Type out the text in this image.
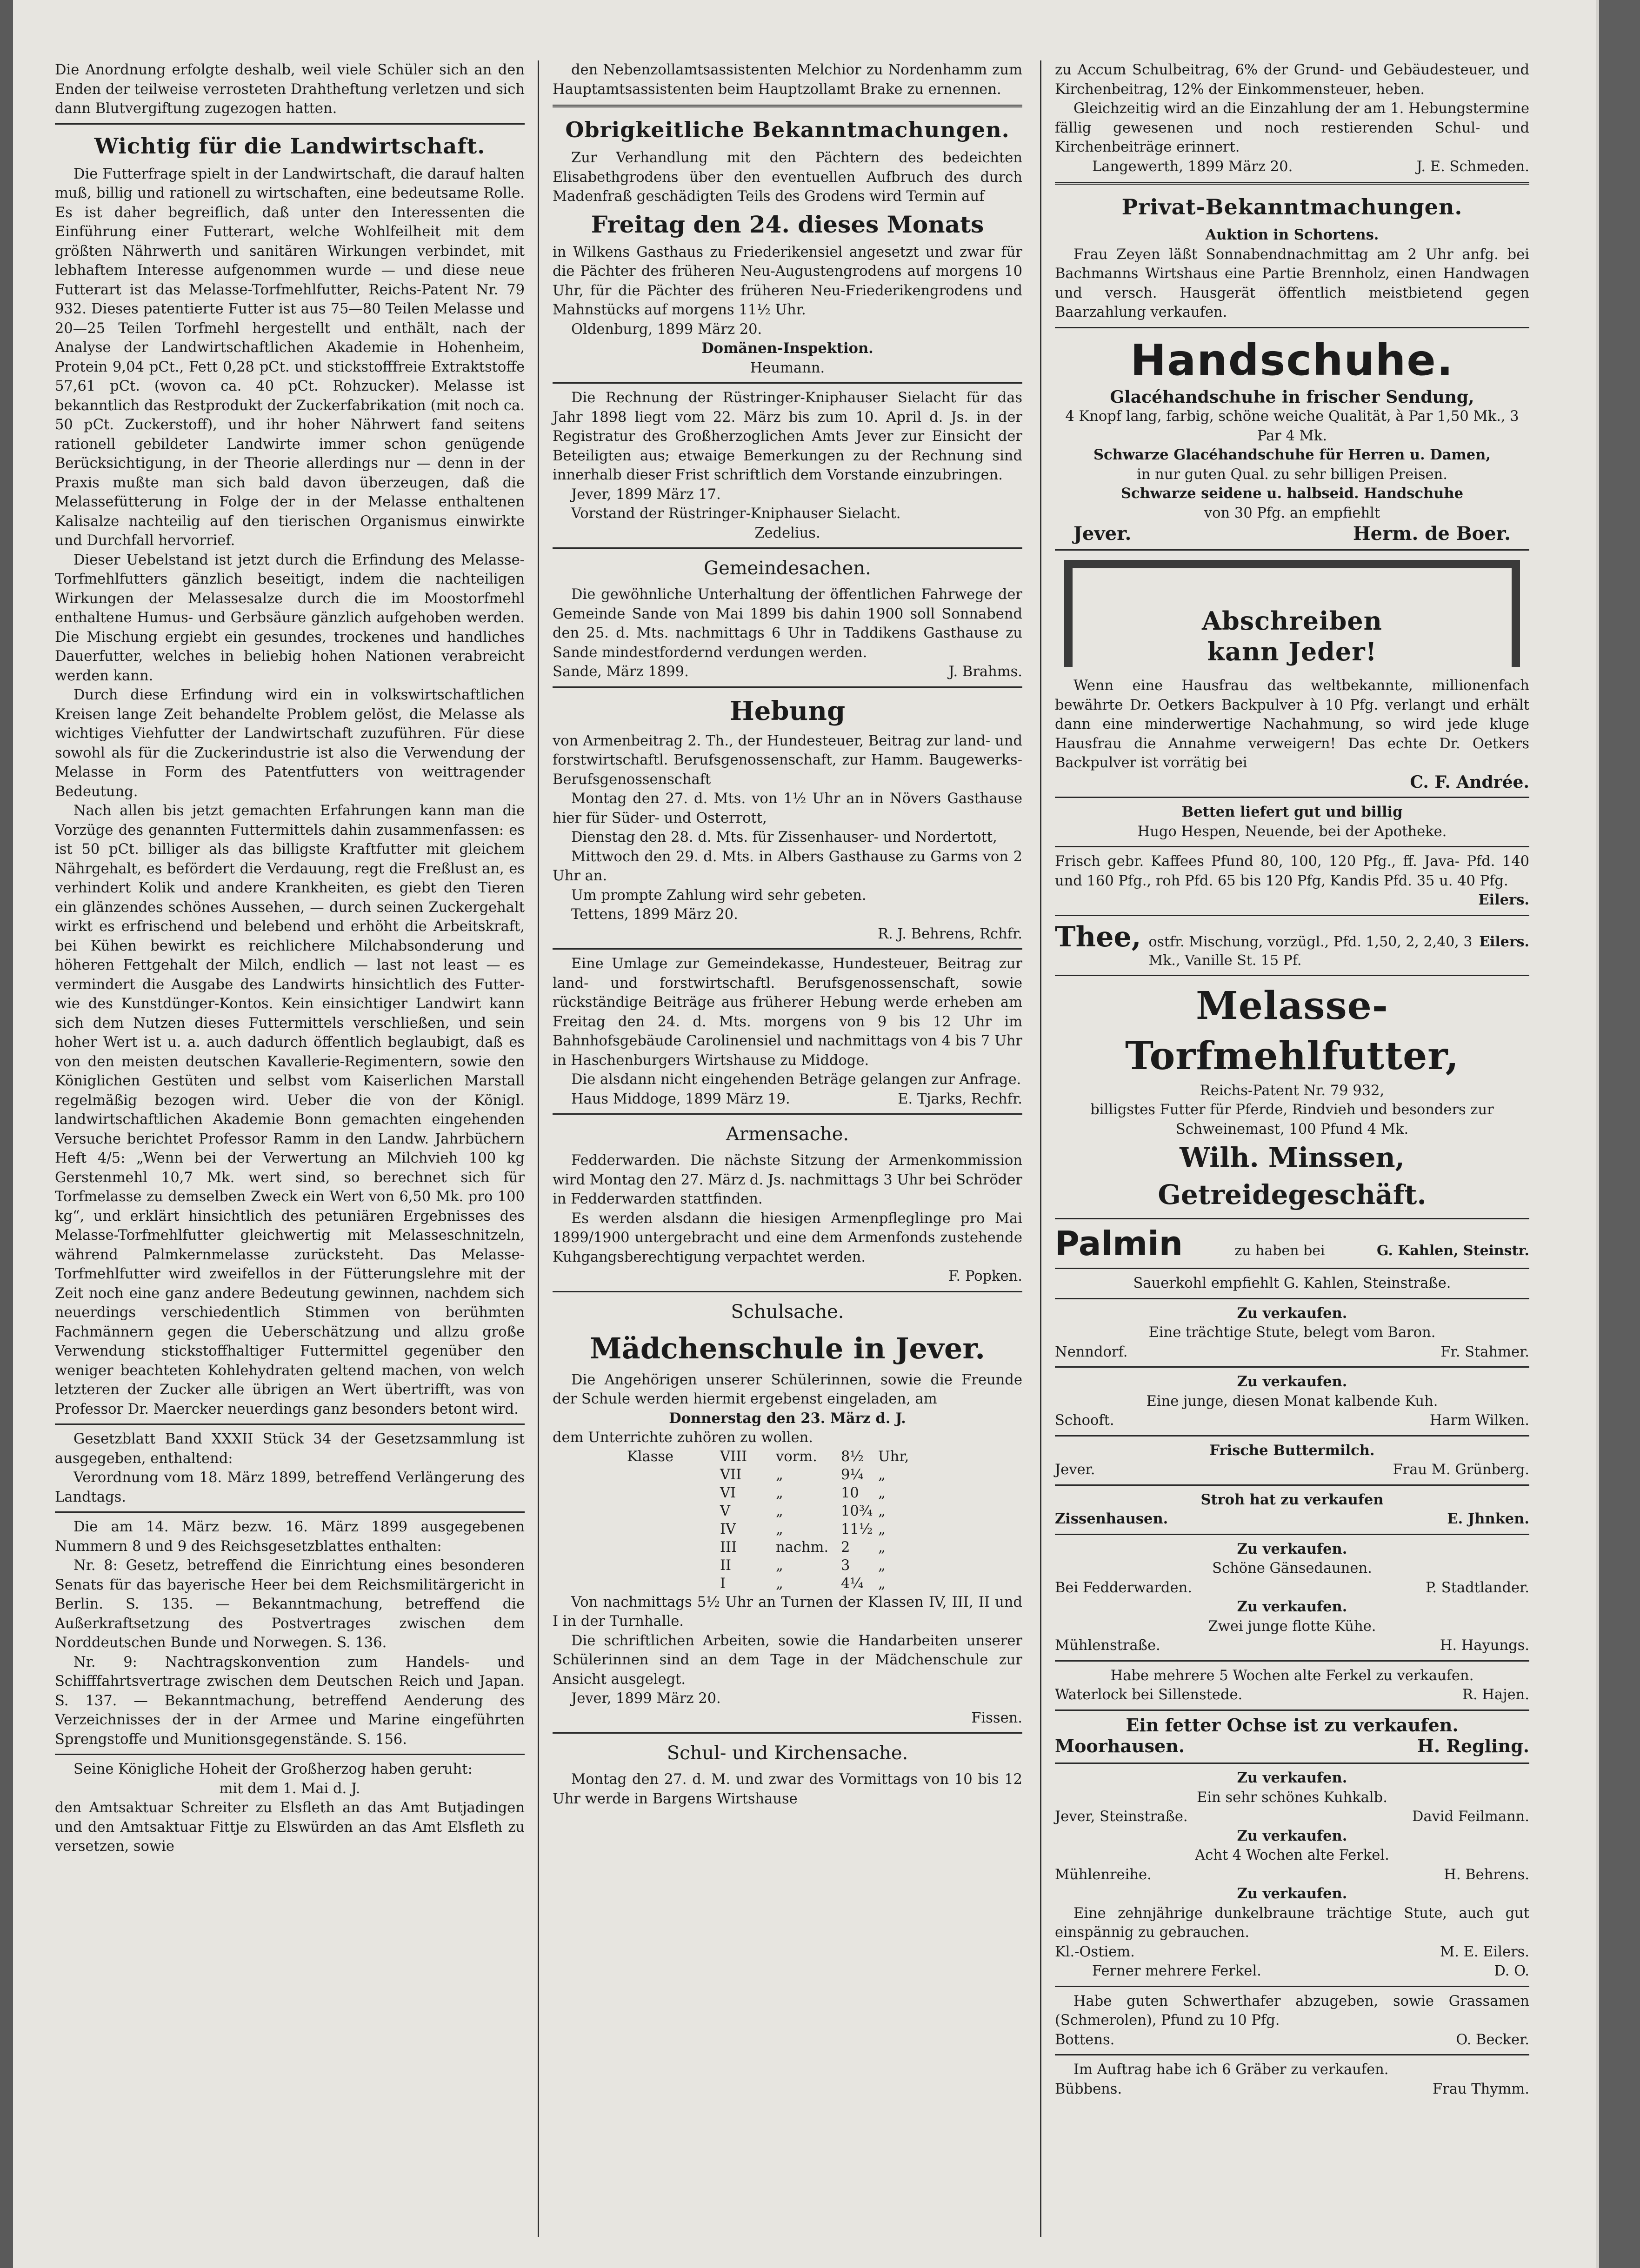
Die Anordnung erfolgte deshalb, weil viele Schüler sich an den Enden der teilweise verrosteten Drahtheftung verletzen und sich dann Blutvergiftung zugezogen hatten.

Wichtig für die Landwirtschaft.

Die Futterfrage spielt in der Landwirtschaft, die darauf halten muß, billig und rationell zu wirtschaften, eine bedeutsame Rolle. Es ist daher begreiflich, daß unter den Interessenten die Einführung einer Futterart, welche Wohlfeilheit mit dem größten Nährwerth und sanitären Wirkungen verbindet, mit lebhaftem Interesse aufgenommen wurde — und diese neue Futterart ist das Melasse-Torfmehlfutter, Reichs-Patent Nr. 79 932. Dieses patentierte Futter ist aus 75—80 Teilen Melasse und 20—25 Teilen Torfmehl hergestellt und enthält, nach der Analyse der Landwirtschaftlichen Akademie in Hohenheim, Protein 9,04 pCt., Fett 0,28 pCt. und stickstofffreie Extraktstoffe 57,61 pCt. (wovon ca. 40 pCt. Rohzucker). Melasse ist bekanntlich das Restprodukt der Zuckerfabrikation (mit noch ca. 50 pCt. Zuckerstoff), und ihr hoher Nährwert fand seitens rationell gebildeter Landwirte immer schon genügende Berücksichtigung, in der Theorie allerdings nur — denn in der Praxis mußte man sich bald davon überzeugen, daß die Melassefütterung in Folge der in der Melasse enthaltenen Kalisalze nachteilig auf den tierischen Organismus einwirkte und Durchfall hervorrief.

Dieser Uebelstand ist jetzt durch die Erfindung des Melasse-Torfmehlfutters gänzlich beseitigt, indem die nachteiligen Wirkungen der Melassesalze durch die im Moostorfmehl enthaltene Humus- und Gerbsäure gänzlich aufgehoben werden. Die Mischung ergiebt ein gesundes, trockenes und handliches Dauerfutter, welches in beliebig hohen Nationen verabreicht werden kann.

Durch diese Erfindung wird ein in volkswirtschaftlichen Kreisen lange Zeit behandelte Problem gelöst, die Melasse als wichtiges Viehfutter der Landwirtschaft zuzuführen. Für diese sowohl als für die Zuckerindustrie ist also die Verwendung der Melasse in Form des Patentfutters von weittragender Bedeutung.

Nach allen bis jetzt gemachten Erfahrungen kann man die Vorzüge des genannten Futtermittels dahin zusammenfassen: es ist 50 pCt. billiger als das billigste Kraftfutter mit gleichem Nährgehalt, es befördert die Verdauung, regt die Freßlust an, es verhindert Kolik und andere Krankheiten, es giebt den Tieren ein glänzendes schönes Aussehen, — durch seinen Zuckergehalt wirkt es erfrischend und belebend und erhöht die Arbeitskraft, bei Kühen bewirkt es reichlichere Milchabsonderung und höheren Fettgehalt der Milch, endlich — last not least — es vermindert die Ausgabe des Landwirts hinsichtlich des Futter- wie des Kunstdünger-Kontos. Kein einsichtiger Landwirt kann sich dem Nutzen dieses Futtermittels verschließen, und sein hoher Wert ist u. a. auch dadurch öffentlich beglaubigt, daß es von den meisten deutschen Kavallerie-Regimentern, sowie den Königlichen Gestüten und selbst vom Kaiserlichen Marstall regelmäßig bezogen wird. Ueber die von der Königl. landwirtschaftlichen Akademie Bonn gemachten eingehenden Versuche berichtet Professor Ramm in den Landw. Jahrbüchern Heft 4/5: „Wenn bei der Verwertung an Milchvieh 100 kg Gerstenmehl 10,7 Mk. wert sind, so berechnet sich für Torfmelasse zu demselben Zweck ein Wert von 6,50 Mk. pro 100 kg“, und erklärt hinsichtlich des petuniären Ergebnisses des Melasse-Torfmehlfutter gleichwertig mit Melasseschnitzeln, während Palmkernmelasse zurücksteht. Das Melasse-Torfmehlfutter wird zweifellos in der Fütterungslehre mit der Zeit noch eine ganz andere Bedeutung gewinnen, nachdem sich neuerdings verschiedentlich Stimmen von berühmten Fachmännern gegen die Ueberschätzung und allzu große Verwendung stickstoffhaltiger Futtermittel gegenüber den weniger beachteten Kohlehydraten geltend machen, von welch letzteren der Zucker alle übrigen an Wert übertrifft, was von Professor Dr. Maercker neuerdings ganz besonders betont wird.

Gesetzblatt Band XXXII Stück 34 der Gesetzsammlung ist ausgegeben, enthaltend:

Verordnung vom 18. März 1899, betreffend Verlängerung des Landtags.

Die am 14. März bezw. 16. März 1899 ausgegebenen Nummern 8 und 9 des Reichsgesetzblattes enthalten:

Nr. 8: Gesetz, betreffend die Einrichtung eines besonderen Senats für das bayerische Heer bei dem Reichsmilitärgericht in Berlin. S. 135. — Bekanntmachung, betreffend die Außerkraftsetzung des Postvertrages zwischen dem Norddeutschen Bunde und Norwegen. S. 136.

Nr. 9: Nachtragskonvention zum Handels- und Schifffahrtsvertrage zwischen dem Deutschen Reich und Japan. S. 137. — Bekanntmachung, betreffend Aenderung des Verzeichnisses der in der Armee und Marine eingeführten Sprengstoffe und Munitionsgegenstände. S. 156.

Seine Königliche Hoheit der Großherzog haben geruht:

mit dem 1. Mai d. J.

den Amtsaktuar Schreiter zu Elsfleth an das Amt Butjadingen und den Amtsaktuar Fittje zu Elswürden an das Amt Elsfleth zu versetzen, sowie

den Nebenzollamtsassistenten Melchior zu Nordenhamm zum Hauptamtsassistenten beim Hauptzollamt Brake zu ernennen.

Obrigkeitliche Bekanntmachungen.

Zur Verhandlung mit den Pächtern des bedeichten Elisabethgrodens über den eventuellen Aufbruch des durch Madenfraß geschädigten Teils des Grodens wird Termin auf

Freitag den 24. dieses Monats

in Wilkens Gasthaus zu Friederikensiel angesetzt und zwar für die Pächter des früheren Neu-Augustengrodens auf morgens 10 Uhr, für die Pächter des früheren Neu-Friederikengrodens und Mahnstücks auf morgens 11½ Uhr.

Oldenburg, 1899 März 20.

Domänen-Inspektion.

Heumann.

Die Rechnung der Rüstringer-Kniphauser Sielacht für das Jahr 1898 liegt vom 22. März bis zum 10. April d. Js. in der Registratur des Großherzoglichen Amts Jever zur Einsicht der Beteiligten aus; etwaige Bemerkungen zu der Rechnung sind innerhalb dieser Frist schriftlich dem Vorstande einzubringen.

Jever, 1899 März 17.

Vorstand der Rüstringer-Kniphauser Sielacht.

Zedelius.

Gemeindesachen.

Die gewöhnliche Unterhaltung der öffentlichen Fahrwege der Gemeinde Sande von Mai 1899 bis dahin 1900 soll Sonnabend den 25. d. Mts. nachmittags 6 Uhr in Taddikens Gasthause zu Sande mindestfordernd verdungen werden.

Sande, März 1899.	J. Brahms.
Hebung

von Armenbeitrag 2. Th., der Hundesteuer, Beitrag zur land- und forstwirtschaftl. Berufsgenossenschaft, zur Hamm. Baugewerks-Berufsgenossenschaft

Montag den 27. d. Mts. von 1½ Uhr an in Növers Gasthause hier für Süder- und Osterrott,

Dienstag den 28. d. Mts. für Zissenhauser- und Nordertott,

Mittwoch den 29. d. Mts. in Albers Gasthause zu Garms von 2 Uhr an.

Um prompte Zahlung wird sehr gebeten.

Tettens, 1899 März 20.

R. J. Behrens, Rchfr.

Eine Umlage zur Gemeindekasse, Hundesteuer, Beitrag zur land- und forstwirtschaftl. Berufsgenossenschaft, sowie rückständige Beiträge aus früherer Hebung werde erheben am Freitag den 24. d. Mts. morgens von 9 bis 12 Uhr im Bahnhofsgebäude Carolinensiel und nachmittags von 4 bis 7 Uhr in Haschenburgers Wirtshause zu Middoge.

Die alsdann nicht eingehenden Beträge gelangen zur Anfrage.

Haus Middoge, 1899 März 19.	E. Tjarks, Rechfr.
Armensache.

Fedderwarden. Die nächste Sitzung der Armenkommission wird Montag den 27. März d. Js. nachmittags 3 Uhr bei Schröder in Fedderwarden stattfinden.

Es werden alsdann die hiesigen Armenpfleglinge pro Mai 1899/1900 untergebracht und eine dem Armenfonds zustehende Kuhgangsberechtigung verpachtet werden.

F. Popken.

Schulsache.
Mädchenschule in Jever.

Die Angehörigen unserer Schülerinnen, sowie die Freunde der Schule werden hiermit ergebenst eingeladen, am

Donnerstag den 23. März d. J.

dem Unterrichte zuhören zu wollen.

Klasse	VIII	vorm.	8½	Uhr,
VII	„	9¼	„
VI	„	10	„
V	„	10¾ „
IV	„	11½ „
III	nachm. 2	„
II	„	3	„
I	„	4¼	„

Von nachmittags 5½ Uhr an Turnen der Klassen IV, III, II und I in der Turnhalle.

Die schriftlichen Arbeiten, sowie die Handarbeiten unserer Schülerinnen sind an dem Tage in der Mädchenschule zur Ansicht ausgelegt.

Jever, 1899 März 20.

Fissen.

Schul- und Kirchensache.

Montag den 27. d. M. und zwar des Vormittags von 10 bis 12 Uhr werde in Bargens Wirtshause

zu Accum Schulbeitrag, 6% der Grund- und Gebäudesteuer, und Kirchenbeitrag, 12% der Einkommensteuer, heben.

Gleichzeitig wird an die Einzahlung der am 1. Hebungstermine fällig gewesenen und noch restierenden Schul- und Kirchenbeiträge erinnert.

Langewerth, 1899 März 20.	J. E. Schmeden.
Privat-Bekanntmachungen.

Auktion in Schortens.

Frau Zeyen läßt Sonnabendnachmittag am 2 Uhr anfg. bei Bachmanns Wirtshaus eine Partie Brennholz, einen Handwagen und versch. Hausgerät öffentlich meistbietend gegen Baarzahlung verkaufen.

Handschuhe.

Glacéhandschuhe in frischer Sendung,

4 Knopf lang, farbig, schöne weiche Qualität, à Par 1,50 Mk., 3 Par 4 Mk.

Schwarze Glacéhandschuhe für Herren u. Damen,

in nur guten Qual. zu sehr billigen Preisen.

Schwarze seidene u. halbseid. Handschuhe

von 30 Pfg. an empfiehlt

Jever.	Herm. de Boer.
Abschreiben
kann Jeder!

Wenn eine Hausfrau das weltbekannte, millionenfach bewährte Dr. Oetkers Backpulver à 10 Pfg. verlangt und erhält dann eine minderwertige Nachahmung, so wird jede kluge Hausfrau die Annahme verweigern! Das echte Dr. Oetkers Backpulver ist vorrätig bei

C. F. Andrée.

Betten liefert gut und billig

Hugo Hespen, Neuende, bei der Apotheke.

Frisch gebr. Kaffees Pfund 80, 100, 120 Pfg., ff. Java- Pfd. 140 und 160 Pfg., roh Pfd. 65 bis 120 Pfg, Kandis Pfd. 35 u. 40 Pfg.

Eilers.

Thee, ostfr. Mischung, vorzügl., Pfd. 1,50, 2, 2,40, 3 Mk., Vanille St. 15 Pf.
Eilers.
Melasse-Torfmehlfutter,

Reichs-Patent Nr. 79 932,

billigstes Futter für Pferde, Rindvieh und besonders zur Schweinemast, 100 Pfund 4 Mk.

Wilh. Minssen, Getreidegeschäft.
Palmin	zu haben bei	G. Kahlen, Steinstr.

Sauerkohl empfiehlt G. Kahlen, Steinstraße.

Zu verkaufen.

Eine trächtige Stute, belegt vom Baron.

Nenndorf.	Fr. Stahmer.

Zu verkaufen.

Eine junge, diesen Monat kalbende Kuh.

Schooft.	Harm Wilken.

Frische Buttermilch.

Jever.	Frau M. Grünberg.

Stroh hat zu verkaufen

Zissenhausen.	E. Jhnken.

Zu verkaufen.

Schöne Gänsedaunen.

Bei Fedderwarden.	P. Stadtlander.

Zu verkaufen.

Zwei junge flotte Kühe.

Mühlenstraße.	H. Hayungs.

Habe mehrere 5 Wochen alte Ferkel zu verkaufen.

Waterlock bei Sillenstede.	R. Hajen.

Ein fetter Ochse ist zu verkaufen.

Moorhausen.	H. Regling.

Zu verkaufen.

Ein sehr schönes Kuhkalb.

Jever, Steinstraße.	David Feilmann.

Zu verkaufen.

Acht 4 Wochen alte Ferkel.

Mühlenreihe.	H. Behrens.

Zu verkaufen.

Eine zehnjährige dunkelbraune trächtige Stute, auch gut einspännig zu gebrauchen.

Kl.-Ostiem.	M. E. Eilers.
Ferner mehrere Ferkel.	D. O.

Habe guten Schwerthafer abzugeben, sowie Grassamen (Schmerolen), Pfund zu 10 Pfg.

Bottens.	O. Becker.

Im Auftrag habe ich 6 Gräber zu verkaufen.

Bübbens.	Frau Thymm.
